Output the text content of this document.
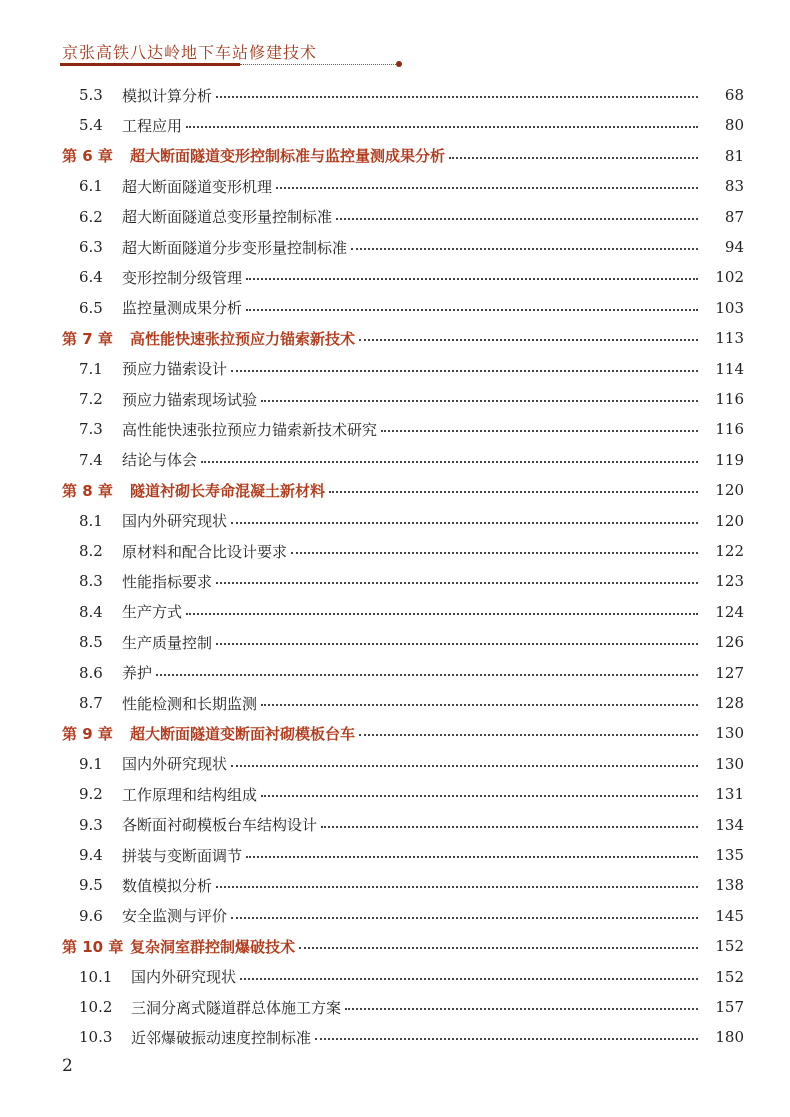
京张高铁八达岭地下车站修建技术
5.3	模拟计算分析	68
5.4	工程应用	80
第 6 章	超大断面隧道变形控制标准与监控量测成果分析	81
6.1	超大断面隧道变形机理	83
6.2	超大断面隧道总变形量控制标准	87
6.3	超大断面隧道分步变形量控制标准	94
6.4	变形控制分级管理	102
6.5	监控量测成果分析	103
第 7 章	高性能快速张拉预应力锚索新技术	113
7.1	预应力锚索设计	114
7.2	预应力锚索现场试验	116
7.3	高性能快速张拉预应力锚索新技术研究	116
7.4	结论与体会	119
第 8 章	隧道衬砌长寿命混凝土新材料	120
8.1	国内外研究现状	120
8.2	原材料和配合比设计要求	122
8.3	性能指标要求	123
8.4	生产方式	124
8.5	生产质量控制	126
8.6	养护	127
8.7	性能检测和长期监测	128
第 9 章	超大断面隧道变断面衬砌模板台车	130
9.1	国内外研究现状	130
9.2	工作原理和结构组成	131
9.3	各断面衬砌模板台车结构设计	134
9.4	拼装与变断面调节	135
9.5	数值模拟分析	138
9.6	安全监测与评价	145
第 10 章 复杂洞室群控制爆破技术	152
10.1	国内外研究现状	152
10.2	三洞分离式隧道群总体施工方案	157
10.3	近邻爆破振动速度控制标准	180
2
